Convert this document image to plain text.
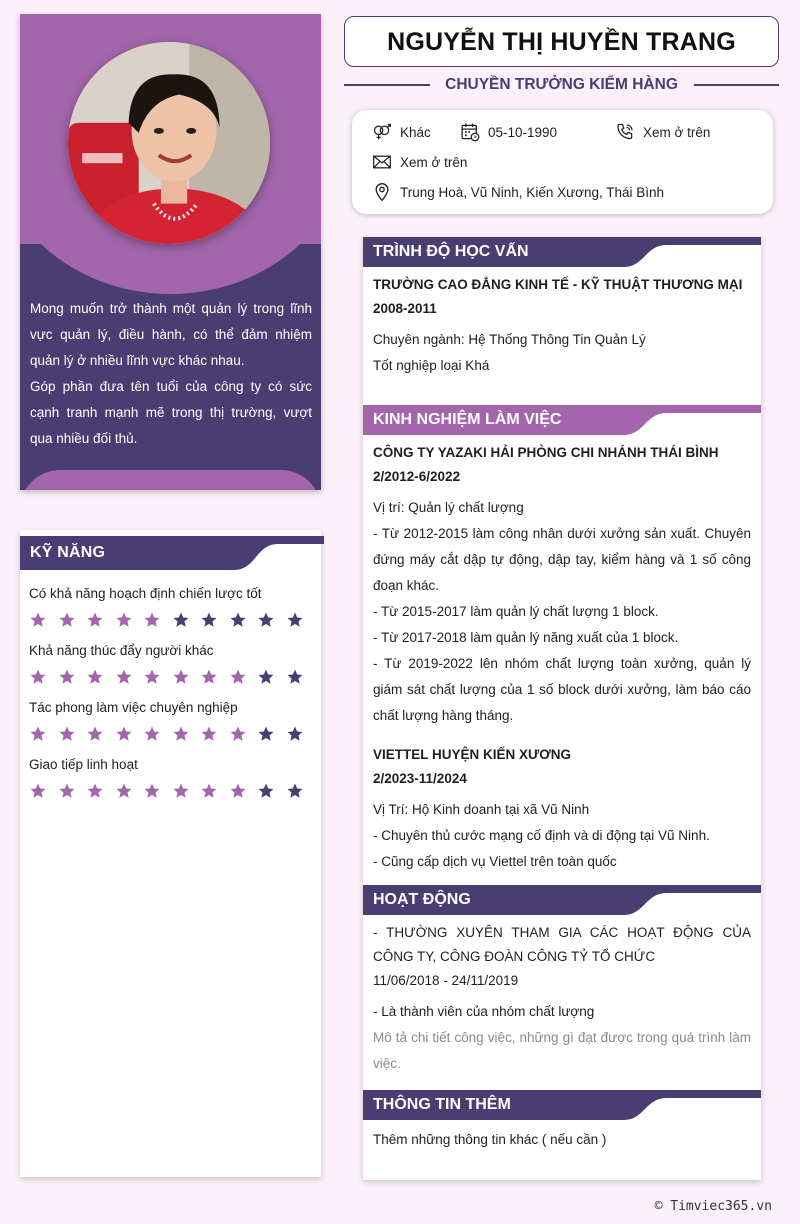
Mong muốn trở thành một quản lý trong lĩnh vực quản lý, điều hành, có thể đảm nhiệm quản lý ở nhiều lĩnh vực khác nhau.

Góp phần đưa tên tuổi của công ty có sức cạnh tranh mạnh mẽ trong thị trường, vượt qua nhiều đối thủ.

KỸ NĂNG
Có khả năng hoạch định chiến lược tốt
Khả năng thúc đẩy người khác
Tác phong làm việc chuyên nghiệp
Giao tiếp linh hoạt
NGUYỄN THỊ HUYỀN TRANG
CHUYỀN TRƯỞNG KIỂM HÀNG
Khác	05-10-1990	Xem ở trên
Xem ở trên
Trung Hoà, Vũ Ninh, Kiến Xương, Thái Bình
TRÌNH ĐỘ HỌC VẤN
TRƯỜNG CAO ĐẲNG KINH TẾ - KỸ THUẬT THƯƠNG MẠI
2008-2011
Chuyên ngành: Hệ Thống Thông Tin Quản Lý
Tốt nghiệp loại Khá
KINH NGHIỆM LÀM VIỆC
CÔNG TY YAZAKI HẢI PHÒNG CHI NHÁNH THÁI BÌNH
2/2012-6/2022
Vị trí: Quản lý chất lượng
- Từ 2012-2015 làm công nhân dưới xưởng sản xuất. Chuyên đứng máy cắt dập tự động, dập tay, kiểm hàng và 1 số công đoạn khác.
- Từ 2015-2017 làm quản lý chất lượng 1 block.
- Từ 2017-2018 làm quản lý năng xuất của 1 block.
- Từ 2019-2022 lên nhóm chất lượng toàn xưởng, quản lý giám sát chất lượng của 1 số block dưới xưởng, làm báo cáo chất lượng hàng tháng.
VIETTEL HUYỆN KIẾN XƯƠNG
2/2023-11/2024
Vị Trí: Hộ Kinh doanh tại xã Vũ Ninh
- Chuyên thủ cước mạng cố định và di động tại Vũ Ninh.
- Cũng cấp dịch vụ Viettel trên toàn quốc
HOẠT ĐỘNG
- THƯỜNG XUYÊN THAM GIA CÁC HOẠT ĐỘNG CỦA CÔNG TY, CÔNG ĐOÀN CÔNG TỶ TỔ CHỨC
11/06/2018 - 24/11/2019
- Là thành viên của nhóm chất lượng
Mô tả chi tiết công việc, những gì đạt được trong quá trình làm việc.
THÔNG TIN THÊM
Thêm những thông tin khác ( nếu cần )
© Timviec365.vn
